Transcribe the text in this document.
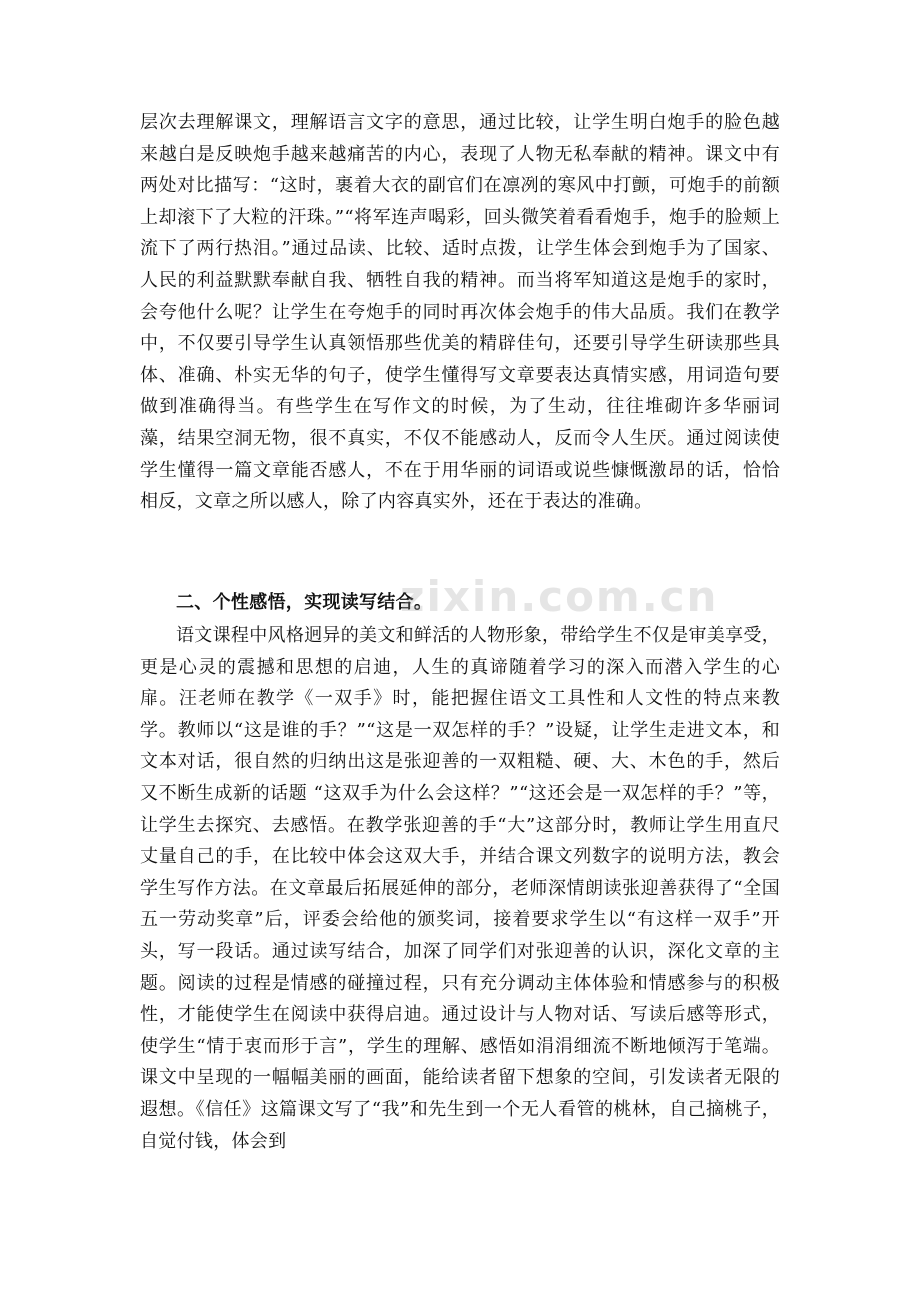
层次去理解课文，理解语言文字的意思，通过比较，让学生明白炮手的脸色越来越白是反映炮手越来越痛苦的内心，表现了人物无私奉献的精神。课文中有两处对比描写：“这时，裹着大衣的副官们在凛冽的寒风中打颤，可炮手的前额上却滚下了大粒的汗珠。”“将军连声喝彩，回头微笑着看看炮手，炮手的脸颊上流下了两行热泪。”通过品读、比较、适时点拨，让学生体会到炮手为了国家、人民的利益默默奉献自我、牺牲自我的精神。而当将军知道这是炮手的家时，会夸他什么呢？让学生在夸炮手的同时再次体会炮手的伟大品质。我们在教学中，不仅要引导学生认真领悟那些优美的精辟佳句，还要引导学生研读那些具体、准确、朴实无华的句子，使学生懂得写文章要表达真情实感，用词造句要做到准确得当。有些学生在写作文的时候，为了生动，往往堆砌许多华丽词藻，结果空洞无物，很不真实，不仅不能感动人，反而令人生厌。通过阅读使学生懂得一篇文章能否感人，不在于用华丽的词语或说些慷慨激昂的话，恰恰相反，文章之所以感人，除了内容真实外，还在于表达的准确。

二、个性感悟，实现读写结合。

语文课程中风格迥异的美文和鲜活的人物形象，带给学生不仅是审美享受，更是心灵的震撼和思想的启迪，人生的真谛随着学习的深入而潜入学生的心扉。汪老师在教学《一双手》时，能把握住语文工具性和人文性的特点来教学。教师以“这是谁的手？”“这是一双怎样的手？”设疑，让学生走进文本，和文本对话，很自然的归纳出这是张迎善的一双粗糙、硬、大、木色的手，然后又不断生成新的话题 “这双手为什么会这样？”“这还会是一双怎样的手？”等，让学生去探究、去感悟。在教学张迎善的手“大”这部分时，教师让学生用直尺丈量自己的手，在比较中体会这双大手，并结合课文列数字的说明方法，教会学生写作方法。在文章最后拓展延伸的部分，老师深情朗读张迎善获得了“全国五一劳动奖章”后，评委会给他的颁奖词，接着要求学生以“有这样一双手”开头，写一段话。通过读写结合，加深了同学们对张迎善的认识，深化文章的主题。阅读的过程是情感的碰撞过程，只有充分调动主体体验和情感参与的积极性，才能使学生在阅读中获得启迪。通过设计与人物对话、写读后感等形式，使学生“情于衷而形于言”，学生的理解、感悟如涓涓细流不断地倾泻于笔端。课文中呈现的一幅幅美丽的画面，能给读者留下想象的空间，引发读者无限的遐想。《信任》这篇课文写了“我”和先生到一个无人看管的桃林，自己摘桃子，自觉付钱，体会到

zixin.com.cn
